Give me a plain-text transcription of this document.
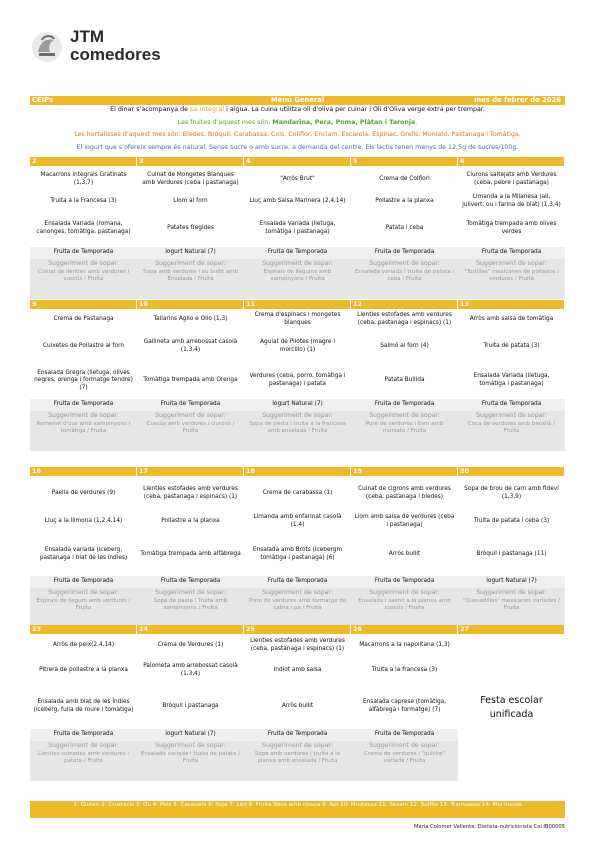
JTM
comedores
Menú General
CEIPs	mes de febrer de 2026
El dinar s’acompanya de pa integral i aigua. La cuina utilitza oli d'oliva per cuinar i Oli d'Oliva verge extra per trempar.
Les fruites d’aquest mes són: Mandarina, Pera, Poma, Plàtan i Taronja.
Les hortalisses d’aquest mes són: Bledes, Bròquil, Carabassa, Cols, Coliflor, Enciam, Escarola, Espinac, Grells, Moniato, Pastanaga i Tomàtiga.
El iogurt que s’ofereix sempre és natural. Sense sucre o amb sucre, a demanda del centre. Els lactis tenen menys de 12,5g de sucres/100g.
2
Macarrons integrals Gratinats (1,3,7)
Truita a la Francesa (3)
Ensalada Variada (romana, canonges, tomàtiga, pastanaga)
Fruita de Temporada
Suggeriment de sopar:
Cuinat de llenties amb verdures i cuscús / Fruita
3
Cuinat de Mongetes Blanques amb Verdures (ceba i pastanaga)
Llom al forn
Patates fregides
Iogurt Natural (7)
Suggeriment de sopar:
Sopa amb verdures i ou bullit amb Ensalada / Fruita
4
"Arròs Brut"
Lluç amb Salsa Marinera (2,4,14)
Ensalada Variada (lletuga, tomàtiga i pastanaga)
Fruita de Temporada
Suggeriment de sopar:
Espirals de llegums amb xampinyons / Fruita
5
Crema de Colflori
Pollastre a la planxa
Patata i ceba
Fruita de Temporada
Suggeriment de sopar:
Ensalada variada i truita de patata i ceba / Fruita
6
Ciurons saltejats amb Verdures (ceba, pebre i pastanaga)
Limanda a la Milanesa (all, julivert, ou i farina de blat) (1,3,4)
Tomàtiga trempada amb olives verdes
Fruita de Temporada
Suggeriment de sopar:
"Tortillas" mexicanes de pollastre i verdures / Fruita
9
Crema de Pastanaga
Cuixetes de Pollastre al forn
Ensalada Gregra (lletuga, olives negres, orenga i formatge tendre) (7)
Fruita de Temporada
Suggeriment de sopar:
Remenat d'ous amb xampinyons i tomàtiga / Fruita
10
Tallarins Aglio e Olio (1,3)
Gallineta amb arrebossat casolà (1,3,4)
Tomàtiga trempada amb Orenga
Fruita de Temporada
Suggeriment de sopar:
Cuscús amb verdures i ciurons / Fruita
11
Crema d'espinacs i mongetes blanques
Aguiat de Pilotes (magre i morcillo) (1)
Verdures (ceba, porro, tomàtiga i pastanaga) i patata
Iogurt Natural (7)
Suggeriment de sopar:
Sopa de pasta i truita a la francesa amb ensalada / Fruita
12
Llenties estofades amb verdures (ceba, pastanaga i espinacs) (1)
Salmó al forn (4)
Patata Bullida
Fruita de Temporada
Suggeriment de sopar:
Puré de verdures i llom amb moniato / Fruita
13
Arròs amb salsa de tomàtiga
Truita de patata (3)
Ensalada Variada (lletuga, tomàtiga i pastanaga)
Fruita de Temporada
Suggeriment de sopar:
Coca de verdures amb bacallà / Fruita
16
Paella de verdures (9)
Lluç a la llimona (1,2,4,14)
Ensalada variada (iceberg, pastanaga i blat de les índies)
Fruita de Temporada
Suggeriment de sopar:
Espirals de llegum amb verdures / Fruita
17
Llenties estofades amb verdures (ceba, pastanaga i espinacs) (1)
Pollastre a la planxa
Tomàtiga trempada amb alfàbrega
Fruita de Temporada
Suggeriment de sopar:
Sopa de pasta i Truita amb xampinyons / Fruita
18
Crema de carabassa (1)
Limanda amb enfarinat casolà (1,4)
Ensalada amb Brots (icebergm tomàtiga i pastanaga) (6)
Fruita de Temporada
Suggeriment de sopar:
Pisto de verdures amb formatge de cabra i pa / Fruita
19
Cuinat de cigrons amb verdures (ceba, pastanaga i bledes)
Llom amb salsa de verdures (ceba i pastanaga)
Arròs bullit
Fruita de Temporada
Suggeriment de sopar:
Ensalada i salmó a la planxa amb cuscús / Fruita
20
Sopa de brou de carn amb fideví (1,3,9)
Truita de patata i ceba (3)
Bròquil i pastanaga (11)
Iogurt Natural (7)
Suggeriment de sopar:
"Quesadillas" mexicanes variades / Fruita
23
Arròs de peix(2,4,14)
Pitrera de pollastre a la planxa
Ensalada amb blat de les Índies (iceberg, fulla de roure i tomàtiga)
Fruita de Temporada
Suggeriment de sopar:
Llenties cuinades amb verdures i patata / Fruita
24
Crema de Verdures (1)
Palometa amb arrebossat casolà (1,3,4)
Bròquil i pastanaga
Iogurt Natural (7)
Suggeriment de sopar:
Ensalada variada i truita de patata / Fruita
25
Llenties estofades amb verdures (ceba, pastanaga i espinacs) (1)
Indiot amb salsa
Arròs bullit
Fruita de Temporada
Suggeriment de sopar:
Sopa amb verdures i truita a la planxa amb ensalada / Fruita
26
Macarrons a la napolitana (1,3)
Truita a la francesa (3)
Ensalada caprese (tomàtiga, alfàbrega i formatge) (7)
Fruita de Temporada
Suggeriment de sopar:
Crema de verdures i "quiche" variada / Fruita
27
Festa escolar unificada
1: Gluten 2: Crustacis 3: Ou 4: Peix 5: Cacauets 6: Soja 7: Llet 8: Fruita Seca amb closca 9: Api 10: Mostassa 11: Sèsam 12: Sulfits 13: Tramussos 14: Mol·luscos
Maria Colomer Valiente. Dietista-nutricionista Col IB00005
